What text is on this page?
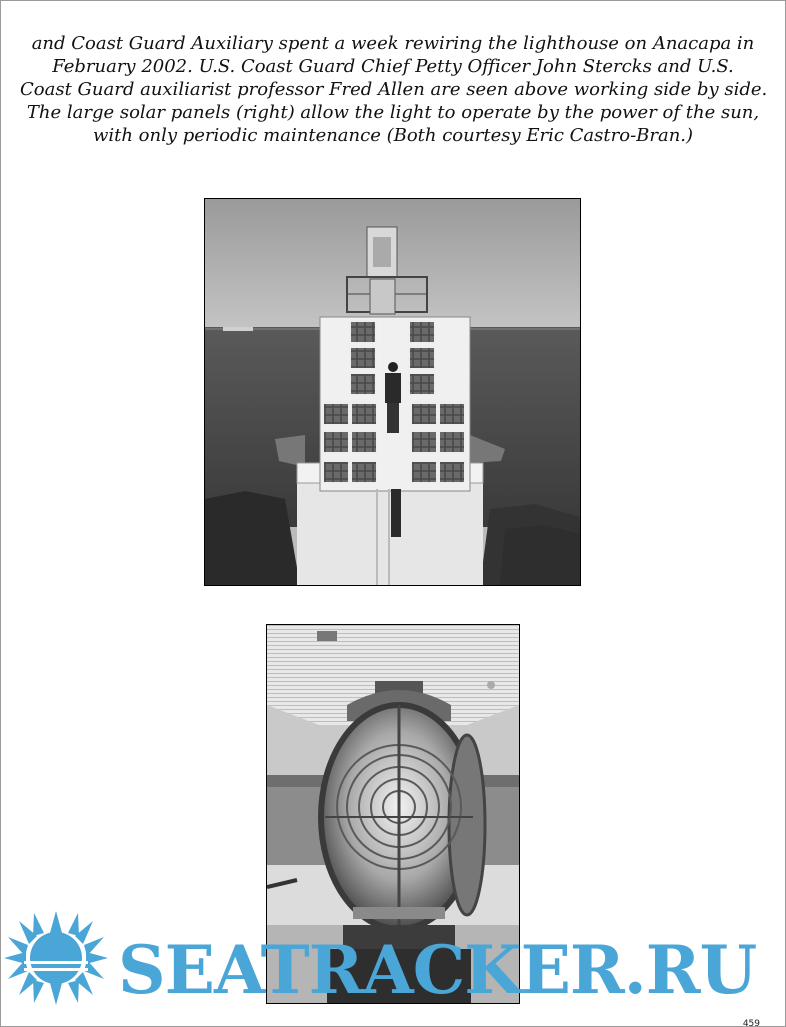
and Coast Guard Auxiliary spent a week rewiring the lighthouse on Anacapa in
February 2002. U.S. Coast Guard Chief Petty Officer John Stercks and U.S.
Coast Guard auxiliarist professor Fred Allen are seen above working side by side.
The large solar panels (right) allow the light to operate by the power of the sun,
with only periodic maintenance (Both courtesy Eric Castro-Bran.)

SEATRACKER.RU
459
